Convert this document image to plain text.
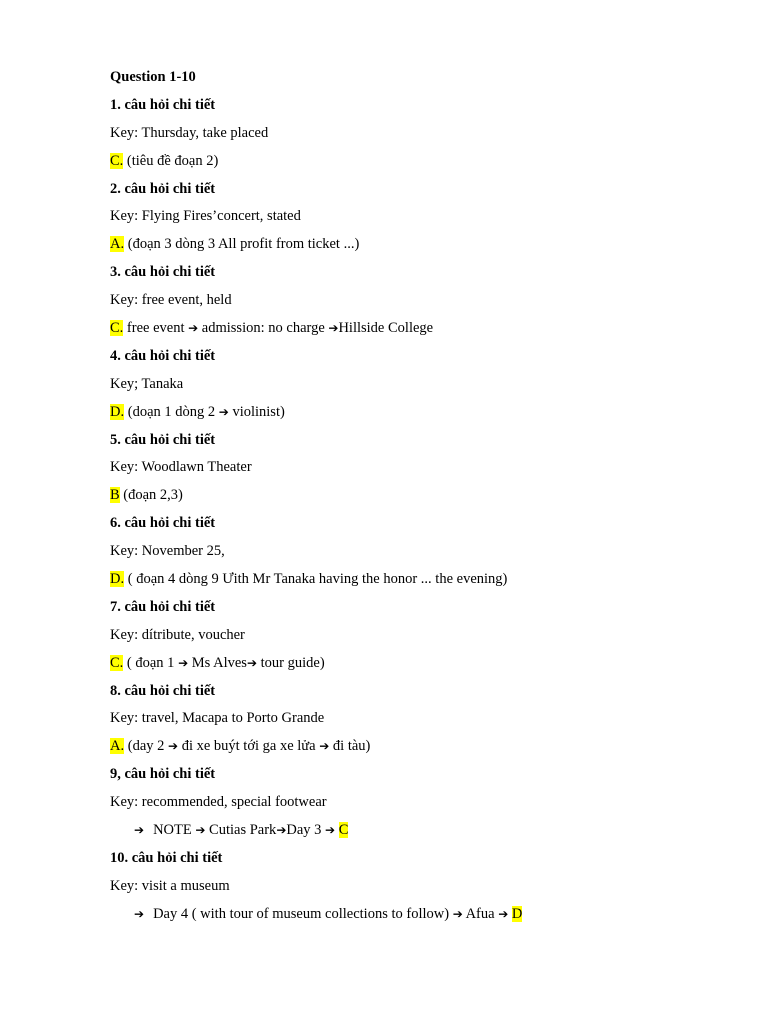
Question 1-10
1. câu hỏi chi tiết
Key: Thursday, take placed
C. (tiêu đề đoạn 2)
2. câu hỏi chi tiết
Key: Flying Fires’concert, stated
A. (đoạn 3 dòng 3 All profit from ticket ...)
3. câu hỏi chi tiết
Key: free event, held
C. free event ➔ admission: no charge ➔Hillside College
4. câu hỏi chi tiết
Key; Tanaka
D. (doạn 1 dòng 2 ➔ violinist)
5. câu hỏi chi tiết
Key: Woodlawn Theater
B (đoạn 2,3)
6. câu hỏi chi tiết
Key: November 25,
D. ( đoạn 4 dòng 9 Ưith Mr Tanaka having the honor ... the evening)
7. câu hỏi chi tiết
Key: dítribute, voucher
C. ( đoạn 1 ➔ Ms Alves➔ tour guide)
8. câu hỏi chi tiết
Key: travel, Macapa to Porto Grande
A. (day 2 ➔ đi xe buýt tới ga xe lửa ➔ đi tàu)
9, câu hỏi chi tiết
Key: recommended, special footwear
➔ NOTE ➔ Cutias Park➔Day 3 ➔ C
10. câu hỏi chi tiết
Key: visit a museum
➔ Day 4 ( with tour of museum collections to follow) ➔ Afua ➔ D
